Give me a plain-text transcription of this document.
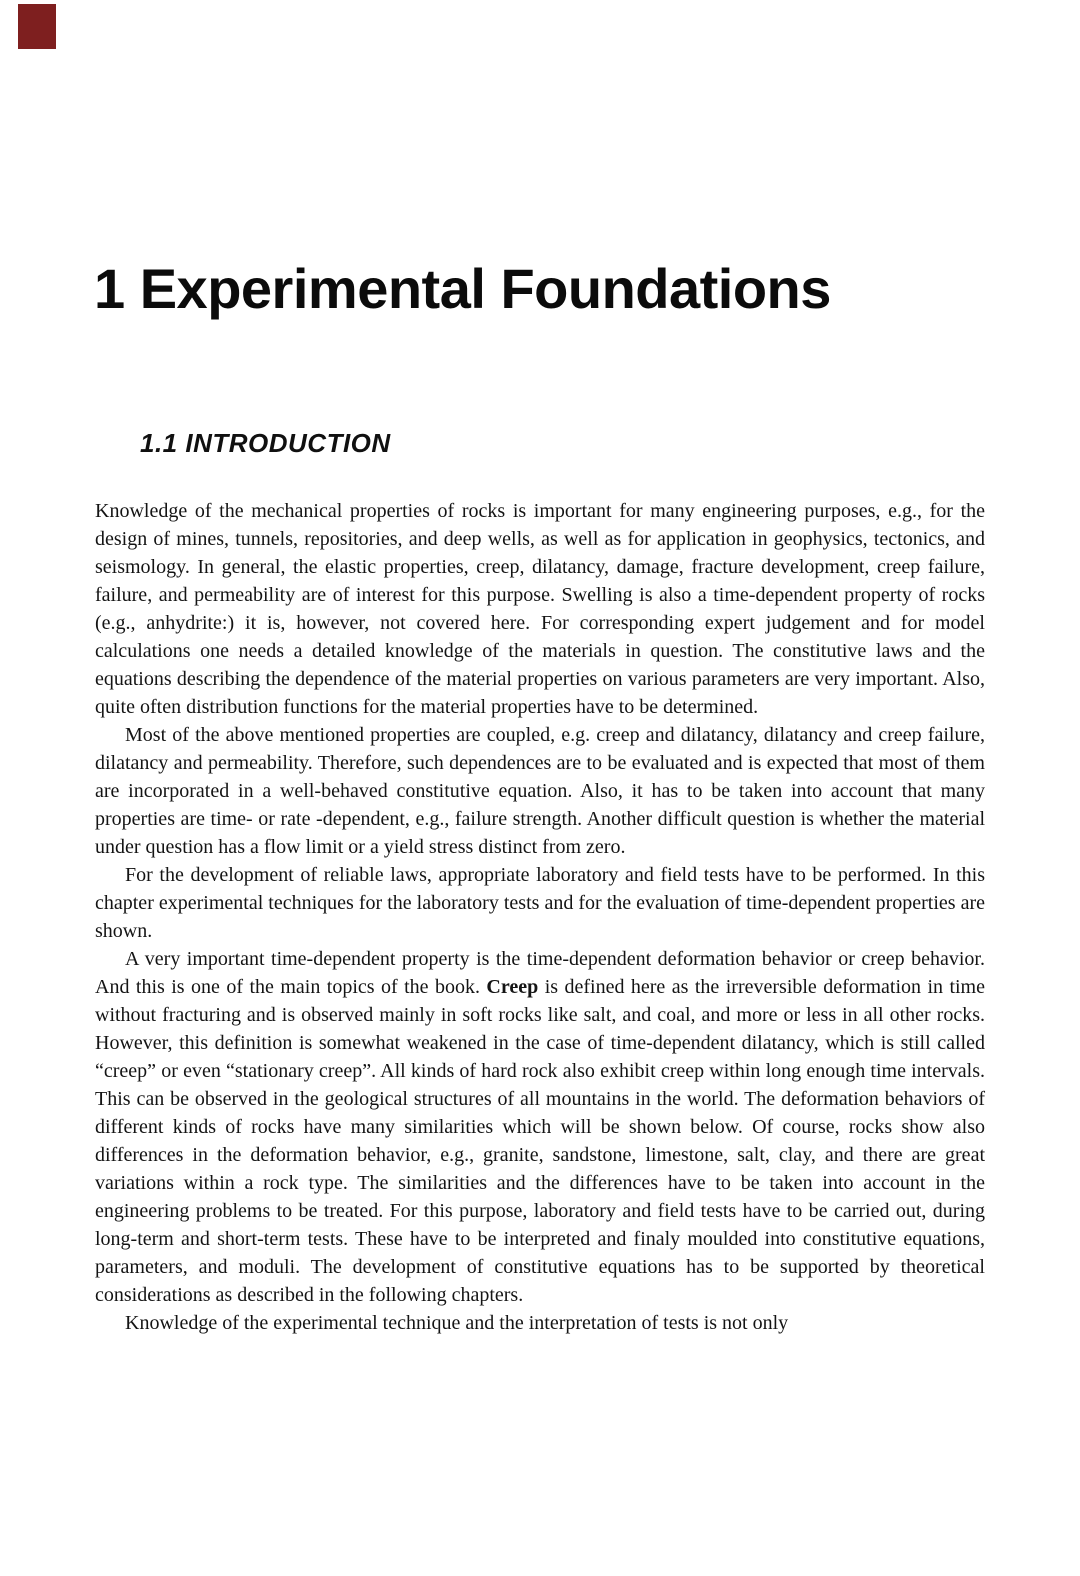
1 Experimental Foundations
1.1 INTRODUCTION

Knowledge of the mechanical properties of rocks is important for many engineering purposes, e.g., for the design of mines, tunnels, repositories, and deep wells, as well as for application in geophysics, tectonics, and seismology. In general, the elastic properties, creep, dilatancy, damage, fracture development, creep failure, failure, and permeability are of interest for this purpose. Swelling is also a time-dependent property of rocks (e.g., anhydrite:) it is, however, not covered here. For corresponding expert judgement and for model calculations one needs a detailed knowledge of the materials in question. The constitutive laws and the equations describing the dependence of the material properties on various parameters are very important. Also, quite often distribution functions for the material properties have to be determined.

Most of the above mentioned properties are coupled, e.g. creep and dilatancy, dilatancy and creep failure, dilatancy and permeability. Therefore, such dependences are to be evaluated and is expected that most of them are incorporated in a well-behaved constitutive equation. Also, it has to be taken into account that many properties are time- or rate -dependent, e.g., failure strength. Another difficult question is whether the material under question has a flow limit or a yield stress distinct from zero.

For the development of reliable laws, appropriate laboratory and field tests have to be performed. In this chapter experimental techniques for the laboratory tests and for the evaluation of time-dependent properties are shown.

A very important time-dependent property is the time-dependent deformation behavior or creep behavior. And this is one of the main topics of the book. Creep is defined here as the irreversible deformation in time without fracturing and is observed mainly in soft rocks like salt, and coal, and more or less in all other rocks. However, this definition is somewhat weakened in the case of time-dependent dilatancy, which is still called “creep” or even “stationary creep”. All kinds of hard rock also exhibit creep within long enough time intervals. This can be observed in the geological structures of all mountains in the world. The deformation behaviors of different kinds of rocks have many similarities which will be shown below. Of course, rocks show also differences in the deformation behavior, e.g., granite, sandstone, limestone, salt, clay, and there are great variations within a rock type. The similarities and the differences have to be taken into account in the engineering problems to be treated. For this purpose, laboratory and field tests have to be carried out, during long-term and short-term tests. These have to be interpreted and finaly moulded into constitutive equations, parameters, and moduli. The development of constitutive equations has to be supported by theoretical considerations as described in the following chapters.

Knowledge of the experimental technique and the interpretation of tests is not only
